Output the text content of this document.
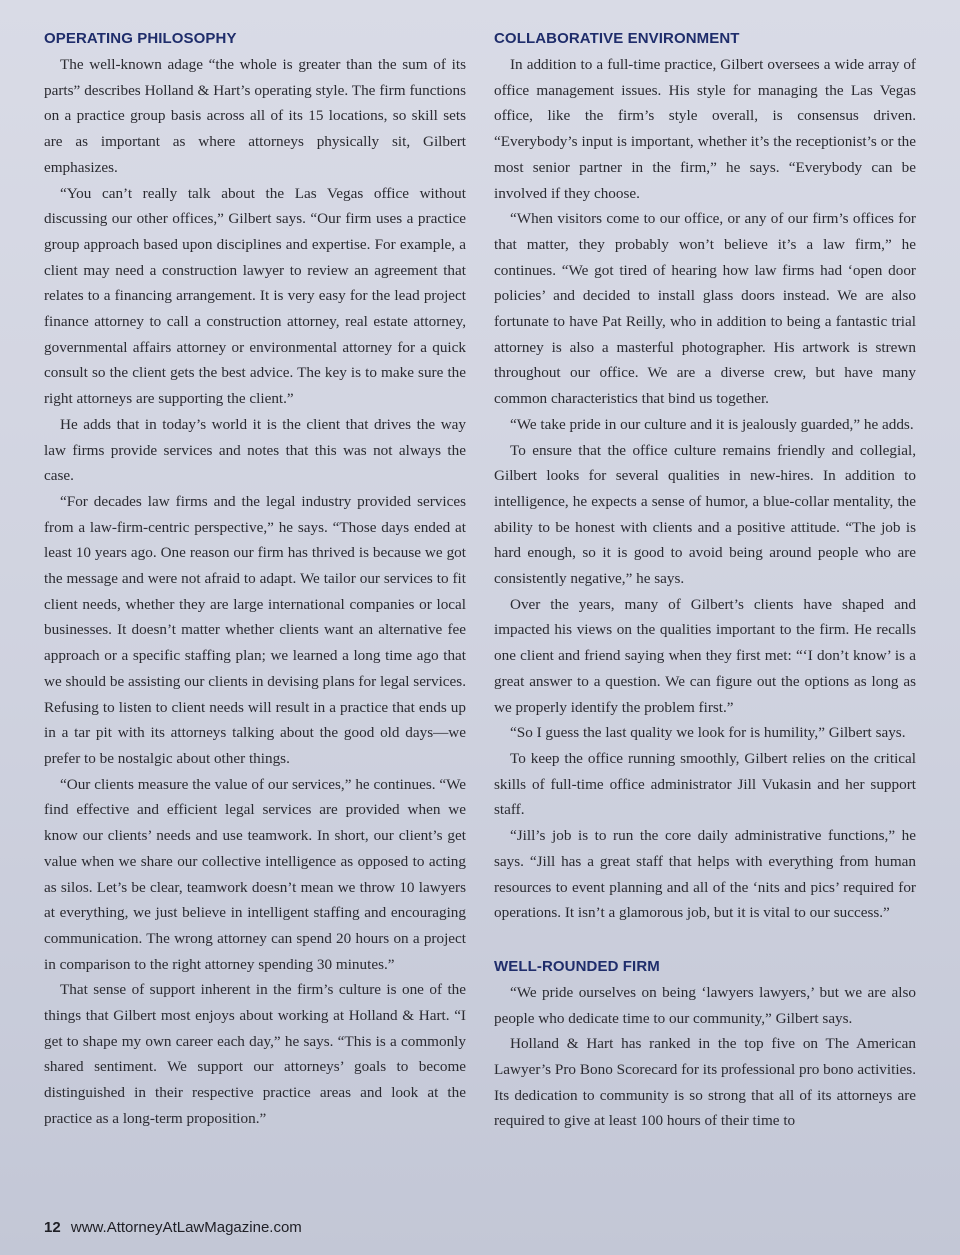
OPERATING PHILOSOPHY

The well-known adage “the whole is greater than the sum of its parts” describes Holland & Hart’s operating style. The firm functions on a practice group basis across all of its 15 locations, so skill sets are as important as where attorneys physically sit, Gilbert emphasizes.

“You can’t really talk about the Las Vegas office without discussing our other offices,” Gilbert says. “Our firm uses a practice group approach based upon disciplines and expertise. For example, a client may need a construction lawyer to review an agreement that relates to a financing arrangement. It is very easy for the lead project finance attorney to call a construction attorney, real estate attorney, governmental affairs attorney or environmental attorney for a quick consult so the client gets the best advice. The key is to make sure the right attorneys are supporting the client.”

He adds that in today’s world it is the client that drives the way law firms provide services and notes that this was not always the case.

“For decades law firms and the legal industry provided services from a law-firm-centric perspective,” he says. “Those days ended at least 10 years ago. One reason our firm has thrived is because we got the message and were not afraid to adapt. We tailor our services to fit client needs, whether they are large international companies or local businesses. It doesn’t matter whether clients want an alternative fee approach or a specific staffing plan; we learned a long time ago that we should be assisting our clients in devising plans for legal services. Refusing to listen to client needs will result in a practice that ends up in a tar pit with its attorneys talking about the good old days—we prefer to be nostalgic about other things.

“Our clients measure the value of our services,” he continues. “We find effective and efficient legal services are provided when we know our clients’ needs and use teamwork. In short, our client’s get value when we share our collective intelligence as opposed to acting as silos. Let’s be clear, teamwork doesn’t mean we throw 10 lawyers at everything, we just believe in intelligent staffing and encouraging communication. The wrong attorney can spend 20 hours on a project in comparison to the right attorney spending 30 minutes.”

That sense of support inherent in the firm’s culture is one of the things that Gilbert most enjoys about working at Holland & Hart. “I get to shape my own career each day,” he says. “This is a commonly shared sentiment. We support our attorneys’ goals to become distinguished in their respective practice areas and look at the practice as a long-term proposition.”

COLLABORATIVE ENVIRONMENT

In addition to a full-time practice, Gilbert oversees a wide array of office management issues. His style for managing the Las Vegas office, like the firm’s style overall, is consensus driven. “Everybody’s input is important, whether it’s the receptionist’s or the most senior partner in the firm,” he says. “Everybody can be involved if they choose.

“When visitors come to our office, or any of our firm’s offices for that matter, they probably won’t believe it’s a law firm,” he continues. “We got tired of hearing how law firms had ‘open door policies’ and decided to install glass doors instead. We are also fortunate to have Pat Reilly, who in addition to being a fantastic trial attorney is also a masterful photographer. His artwork is strewn throughout our office. We are a diverse crew, but have many common characteristics that bind us together.

“We take pride in our culture and it is jealously guarded,” he adds.

To ensure that the office culture remains friendly and collegial, Gilbert looks for several qualities in new-hires. In addition to intelligence, he expects a sense of humor, a blue-collar mentality, the ability to be honest with clients and a positive attitude. “The job is hard enough, so it is good to avoid being around people who are consistently negative,” he says.

Over the years, many of Gilbert’s clients have shaped and impacted his views on the qualities important to the firm. He recalls one client and friend saying when they first met: “‘I don’t know’ is a great answer to a question. We can figure out the options as long as we properly identify the problem first.”

“So I guess the last quality we look for is humility,” Gilbert says.

To keep the office running smoothly, Gilbert relies on the critical skills of full-time office administrator Jill Vukasin and her support staff.

“Jill’s job is to run the core daily administrative functions,” he says. “Jill has a great staff that helps with everything from human resources to event planning and all of the ‘nits and pics’ required for operations. It isn’t a glamorous job, but it is vital to our success.”

WELL-ROUNDED FIRM

“We pride ourselves on being ‘lawyers lawyers,’ but we are also people who dedicate time to our community,” Gilbert says.

Holland & Hart has ranked in the top five on The American Lawyer’s Pro Bono Scorecard for its professional pro bono activities. Its dedication to community is so strong that all of its attorneys are required to give at least 100 hours of their time to

12 www.AttorneyAtLawMagazine.com
